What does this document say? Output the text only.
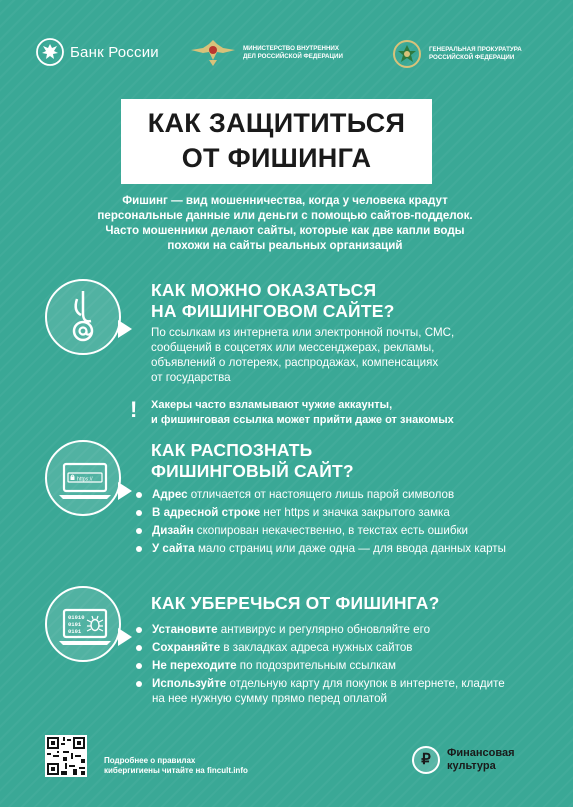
Банк России	МИНИСТЕРСТВО ВНУТРЕННИХ ДЕЛ РОССИЙСКОЙ ФЕДЕРАЦИИ
ГЕНЕРАЛЬНАЯ ПРОКУРАТУРА РОССИЙСКОЙ ФЕДЕРАЦИИ
КАК ЗАЩИТИТЬСЯ
ОТ ФИШИНГА
Фишинг — вид мошенничества, когда у человека крадут
персональные данные или деньги с помощью сайтов-подделок.
Часто мошенники делают сайты, которые как две капли воды
похожи на сайты реальных организаций
КАК МОЖНО ОКАЗАТЬСЯ
НА ФИШИНГОВОМ САЙТЕ?
По ссылкам из интернета или электронной почты, СМС,
сообщений в соцсетях или мессенджерах, рекламы,
объявлений о лотереях, распродажах, компенсациях
от государства
! Хакеры часто взламывают чужие аккаунты,
и фишинговая ссылка может прийти даже от знакомых
https://
КАК РАСПОЗНАТЬ
ФИШИНГОВЫЙ САЙТ?
Адрес отличается от настоящего лишь парой символов
В адресной строке нет https и значка закрытого замка
Дизайн скопирован некачественно, в текстах есть ошибки
У сайта мало страниц или даже одна — для ввода данных карты
01010
0101
0101
КАК УБЕРЕЧЬСЯ ОТ ФИШИНГА?
Установите антивирус и регулярно обновляйте его
Сохраняйте в закладках адреса нужных сайтов
Не переходите по подозрительным ссылкам
Используйте отдельную карту для покупок в интернете, кладите на нее нужную сумму прямо перед оплатой
Подробнее о правилах
кибергигиены читайте на fincult.info
₽	Финансовая
культура
